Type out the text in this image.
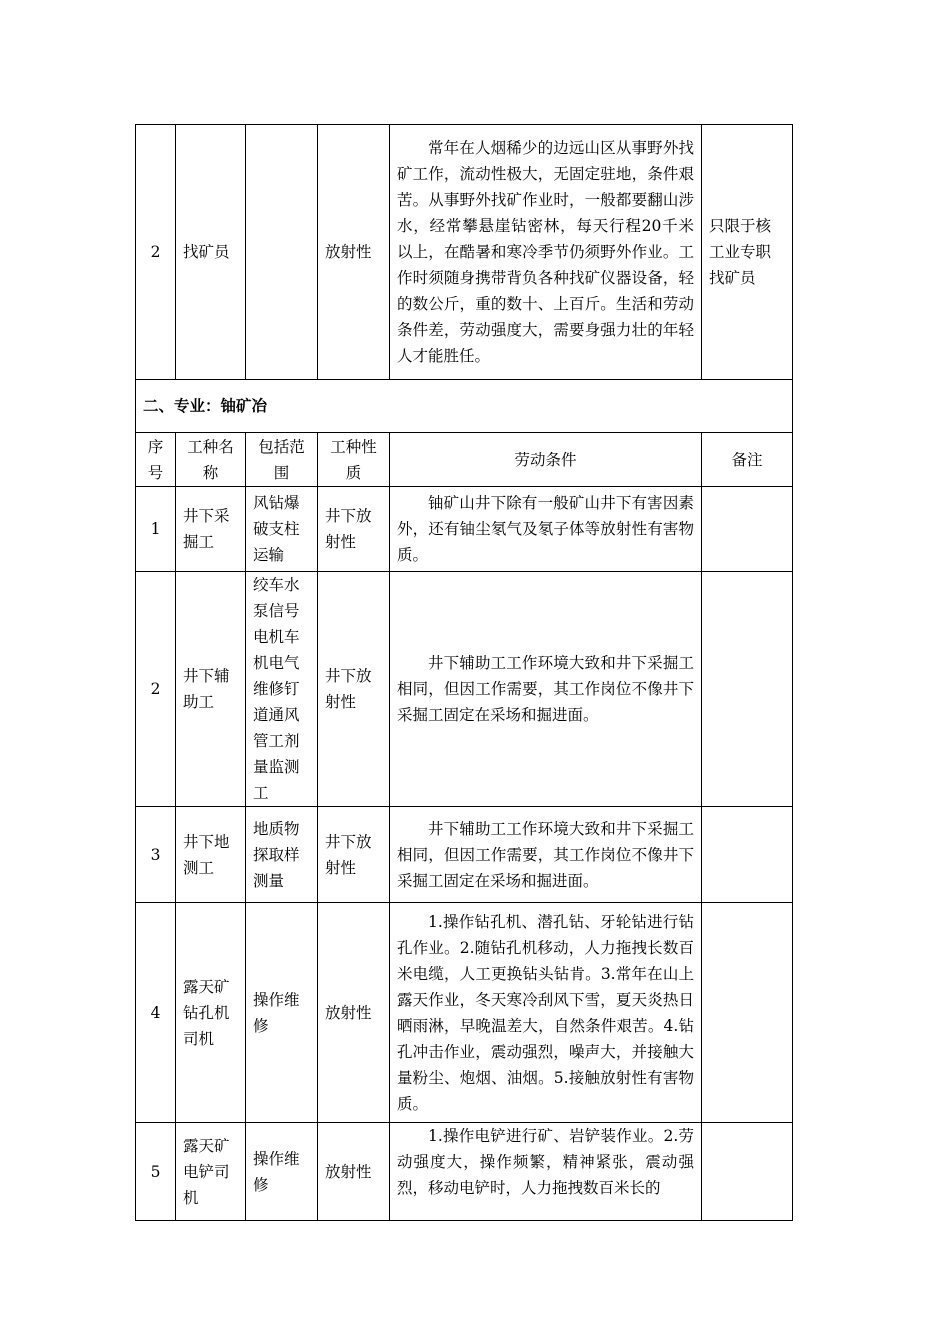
2	找矿员		放射性	常年在人烟稀少的边远山区从事野外找矿工作，流动性极大，无固定驻地，条件艰苦。从事野外找矿作业时，一般都要翻山涉水，经常攀悬崖钻密林，每天行程20千米以上，在酷暑和寒冷季节仍须野外作业。工作时须随身携带背负各种找矿仪器设备，轻的数公斤，重的数十、上百斤。生活和劳动条件差，劳动强度大，需要身强力壮的年轻人才能胜任。	只限于核工业专职找矿员
二、专业：铀矿冶					
序号	工种名称	包括范围	工种性质	劳动条件	备注
1	井下采掘工	风钻爆破支柱运输	井下放射性	铀矿山井下除有一般矿山井下有害因素外，还有铀尘氡气及氡子体等放射性有害物质。	

2	井下辅助工	绞车水泵信号电机车机电气维修钉道通风管工剂量监测工	井下放射性	井下辅助工工作环境大致和井下采掘工相同，但因工作需要，其工作岗位不像井下采掘工固定在采场和掘进面。	

3	井下地测工	地质物探取样测量	井下放射性	井下辅助工工作环境大致和井下采掘工相同，但因工作需要，其工作岗位不像井下采掘工固定在采场和掘进面。	

4	露天矿钻孔机司机	操作维修	放射性	1.操作钻孔机、潜孔钻、牙轮钻进行钻孔作业。2.随钻孔机移动，人力拖拽长数百米电缆，人工更换钻头钻肯。3.常年在山上露天作业，冬天寒冷刮风下雪，夏天炎热日晒雨淋，早晚温差大，自然条件艰苦。4.钻孔冲击作业，震动强烈，噪声大，并接触大量粉尘、炮烟、油烟。5.接触放射性有害物质。	

5	露天矿电铲司机	操作维修	放射性	1.操作电铲进行矿、岩铲装作业。2.劳动强度大，操作频繁，精神紧张，震动强烈，移动电铲时，人力拖拽数百米长的	
